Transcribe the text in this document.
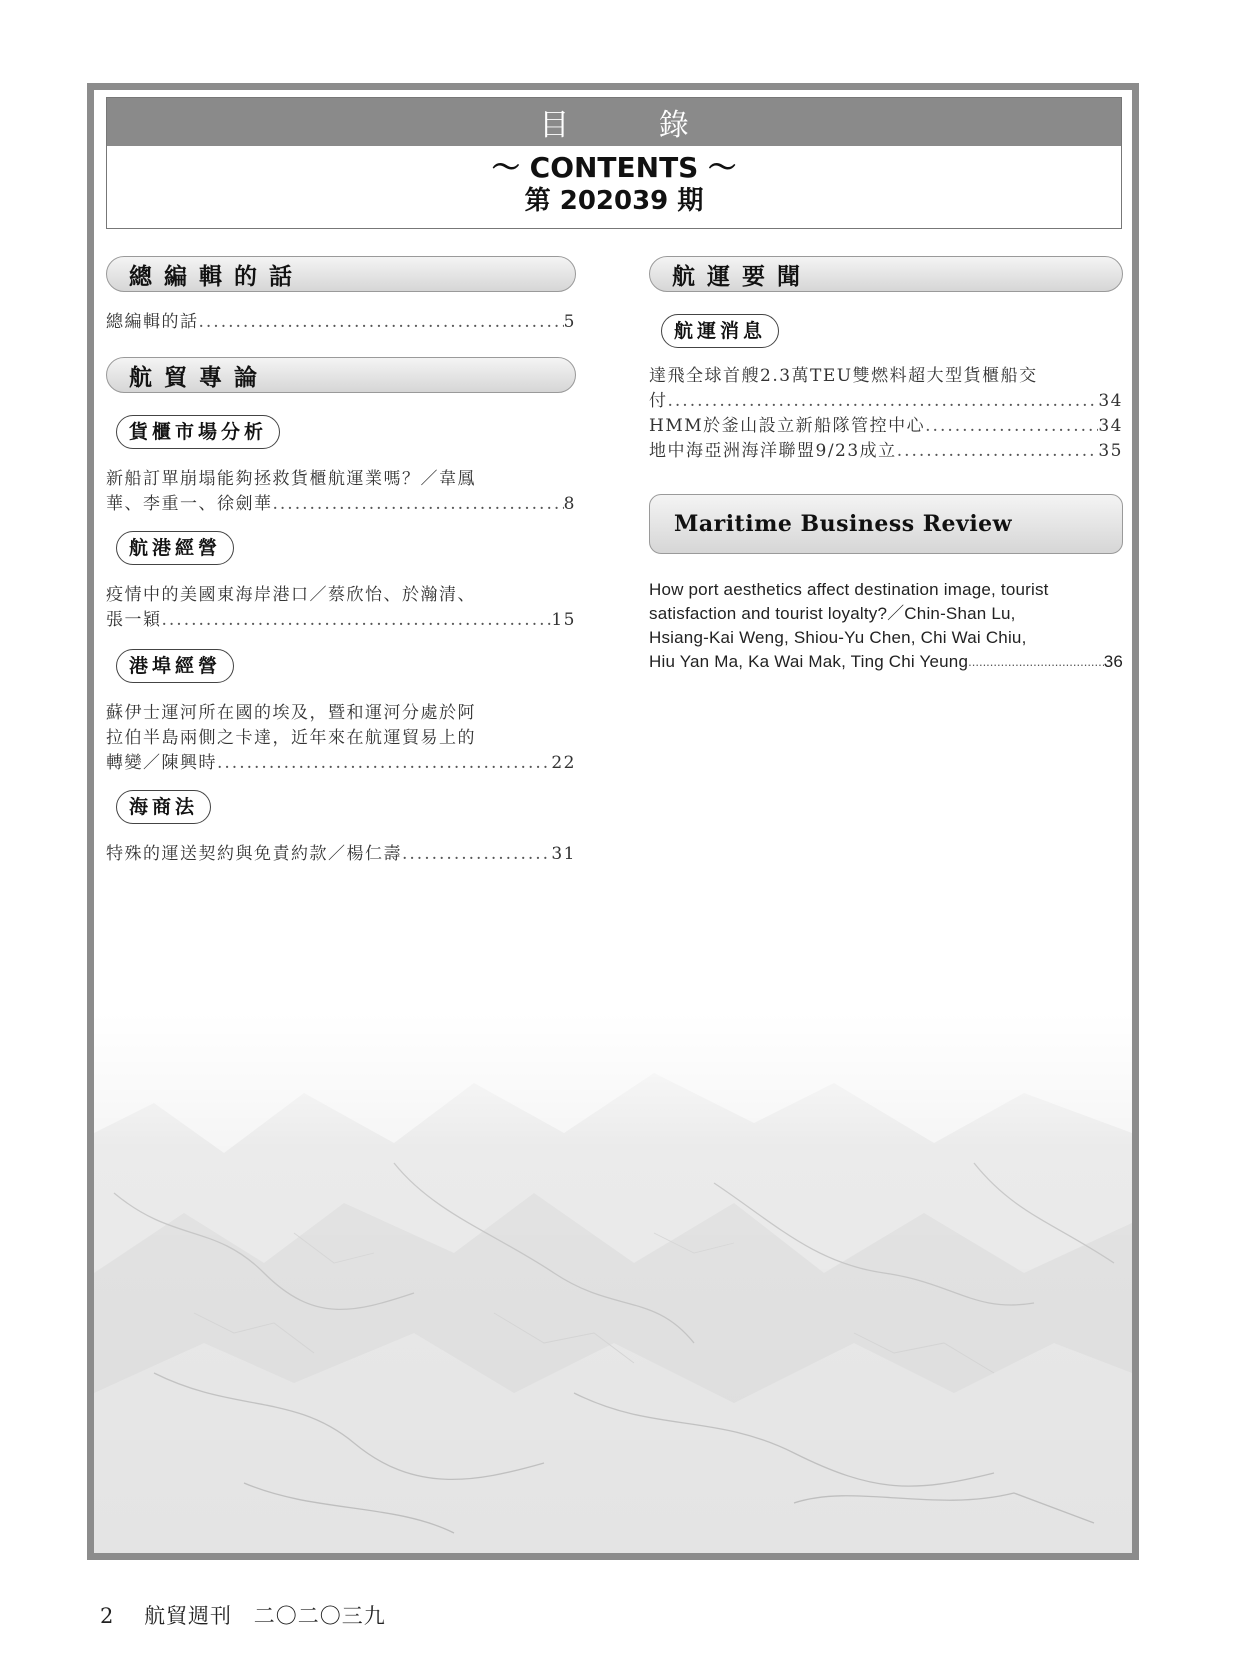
目 錄
～ CONTENTS ～
第 202039 期
總編輯的話
總編輯的話 .....	5
航貿專論
貨櫃市場分析
新船訂單崩塌能夠拯救貨櫃航運業嗎？／韋鳳
華、李重一、徐劍華 .....	8
航港經營
疫情中的美國東海岸港口／蔡欣怡、於瀚清、
張一穎 .....	15
港埠經營
蘇伊士運河所在國的埃及，暨和運河分處於阿
拉伯半島兩側之卡達，近年來在航運貿易上的
轉變／陳興時 .....	22
海商法
特殊的運送契約與免責約款／楊仁壽 .....	31
航運要聞
航運消息
達飛全球首艘2.3萬TEU雙燃料超大型貨櫃船交
付 .....	34
HMM於釜山設立新船隊管控中心 .....	34
地中海亞洲海洋聯盟9/23成立 .....	35
Maritime Business Review
How port aesthetics affect destination image, tourist
satisfaction and tourist loyalty?／Chin-Shan Lu,
Hsiang-Kai Weng, Shiou-Yu Chen, Chi Wai Chiu,
Hiu Yan Ma, Ka Wai Mak, Ting Chi Yeung .....	36
2 航貿週刊 二〇二〇三九
